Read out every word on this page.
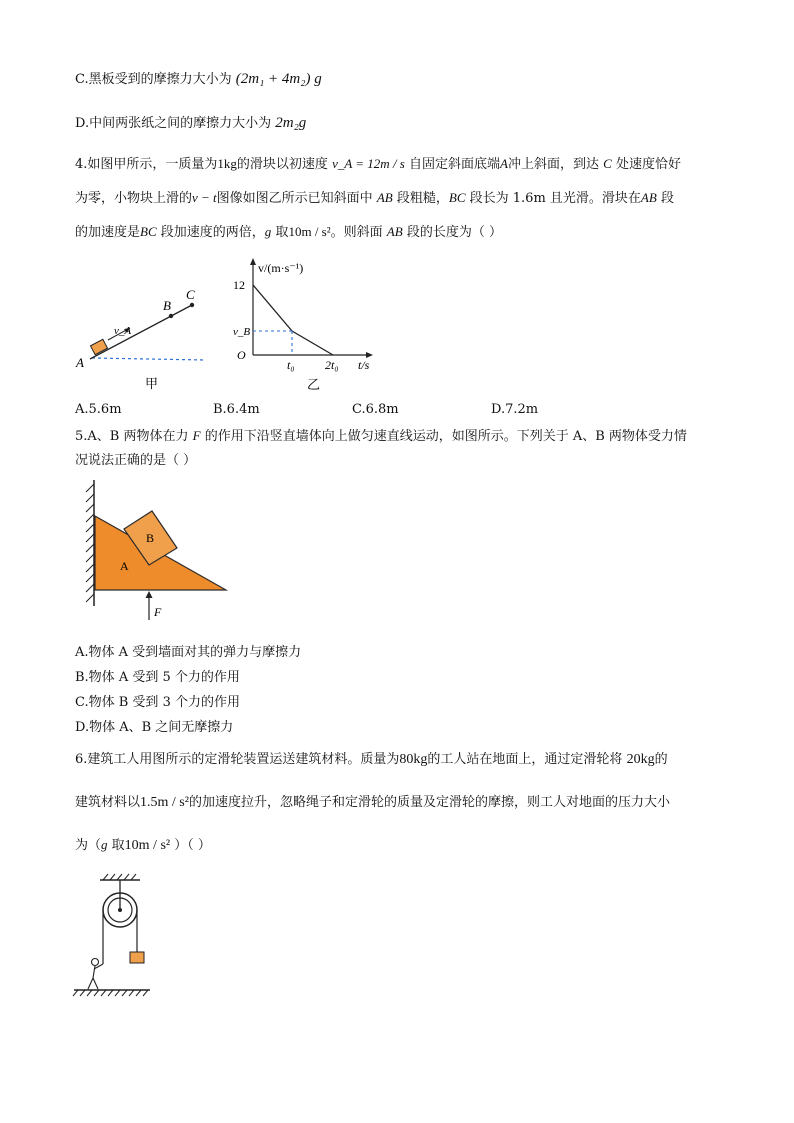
C.黑板受到的摩擦力大小为 (2m₁ + 4m₂) g
D.中间两张纸之间的摩擦力大小为 2m₂g
4.如图甲所示，一质量为1kg的滑块以初速度 v_A = 12m / s 自固定斜面底端A冲上斜面，到达 C 处速度恰好
为零，小物块上滑的v − t图像如图乙所示已知斜面中 AB 段粗糙，BC 段长为 1.6m 且光滑。滑块在AB 段
的加速度是BC 段加速度的两倍，g 取10m / s²。则斜面 AB 段的长度为（ ）
A
B
C
v_A
甲
v/(m·s⁻¹)
12
v_B
O
t₀	2t₀ t/s
乙
A.5.6m	B.6.4m	C.6.8m	D.7.2m
5.A、B 两物体在力 F 的作用下沿竖直墙体向上做匀速直线运动，如图所示。下列关于 A、B 两物体受力情
况说法正确的是（ ）
B
A
F
A.物体 A 受到墙面对其的弹力与摩擦力
B.物体 A 受到 5 个力的作用
C.物体 B 受到 3 个力的作用
D.物体 A、B 之间无摩擦力
6.建筑工人用图所示的定滑轮装置运送建筑材料。质量为80kg的工人站在地面上，通过定滑轮将 20kg的
建筑材料以1.5m / s²的加速度拉升，忽略绳子和定滑轮的质量及定滑轮的摩擦，则工人对地面的压力大小
为（g 取10m / s² ）（ ）
